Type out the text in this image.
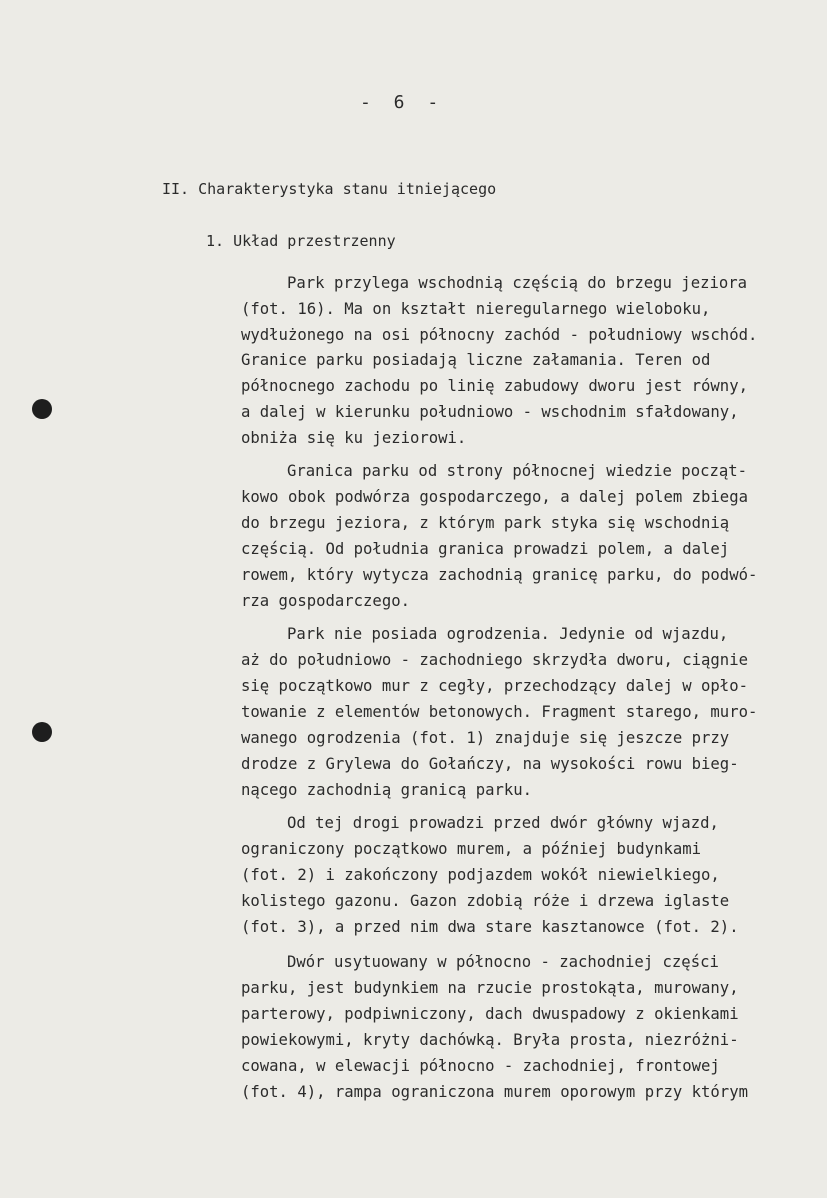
- 6 -
II. Charakterystyka stanu itniejącego
1. Układ przestrzenny
Park przylega wschodnią częścią do brzegu jeziora
(fot. 16). Ma on kształt nieregularnego wieloboku,
wydłużonego na osi północny zachód - południowy wschód.
Granice parku posiadają liczne załamania. Teren od
północnego zachodu po linię zabudowy dworu jest równy,
a dalej w kierunku południowo - wschodnim sfałdowany,
obniża się ku jeziorowi.
Granica parku od strony północnej wiedzie począt-
kowo obok podwórza gospodarczego, a dalej polem zbiega
do brzegu jeziora, z którym park styka się wschodnią
częścią. Od południa granica prowadzi polem, a dalej
rowem, który wytycza zachodnią granicę parku, do podwó-
rza gospodarczego.
Park nie posiada ogrodzenia. Jedynie od wjazdu,
aż do południowo - zachodniego skrzydła dworu, ciągnie
się początkowo mur z cegły, przechodzący dalej w opło-
towanie z elementów betonowych. Fragment starego, muro-
wanego ogrodzenia (fot. 1) znajduje się jeszcze przy
drodze z Grylewa do Gołańczy, na wysokości rowu bieg-
nącego zachodnią granicą parku.
Od tej drogi prowadzi przed dwór główny wjazd,
ograniczony początkowo murem, a później budynkami
(fot. 2) i zakończony podjazdem wokół niewielkiego,
kolistego gazonu. Gazon zdobią róże i drzewa iglaste
(fot. 3), a przed nim dwa stare kasztanowce (fot. 2).
Dwór usytuowany w północno - zachodniej części
parku, jest budynkiem na rzucie prostokąta, murowany,
parterowy, podpiwniczony, dach dwuspadowy z okienkami
powiekowymi, kryty dachówką. Bryła prosta, niezróżni-
cowana, w elewacji północno - zachodniej, frontowej
(fot. 4), rampa ograniczona murem oporowym przy którym
